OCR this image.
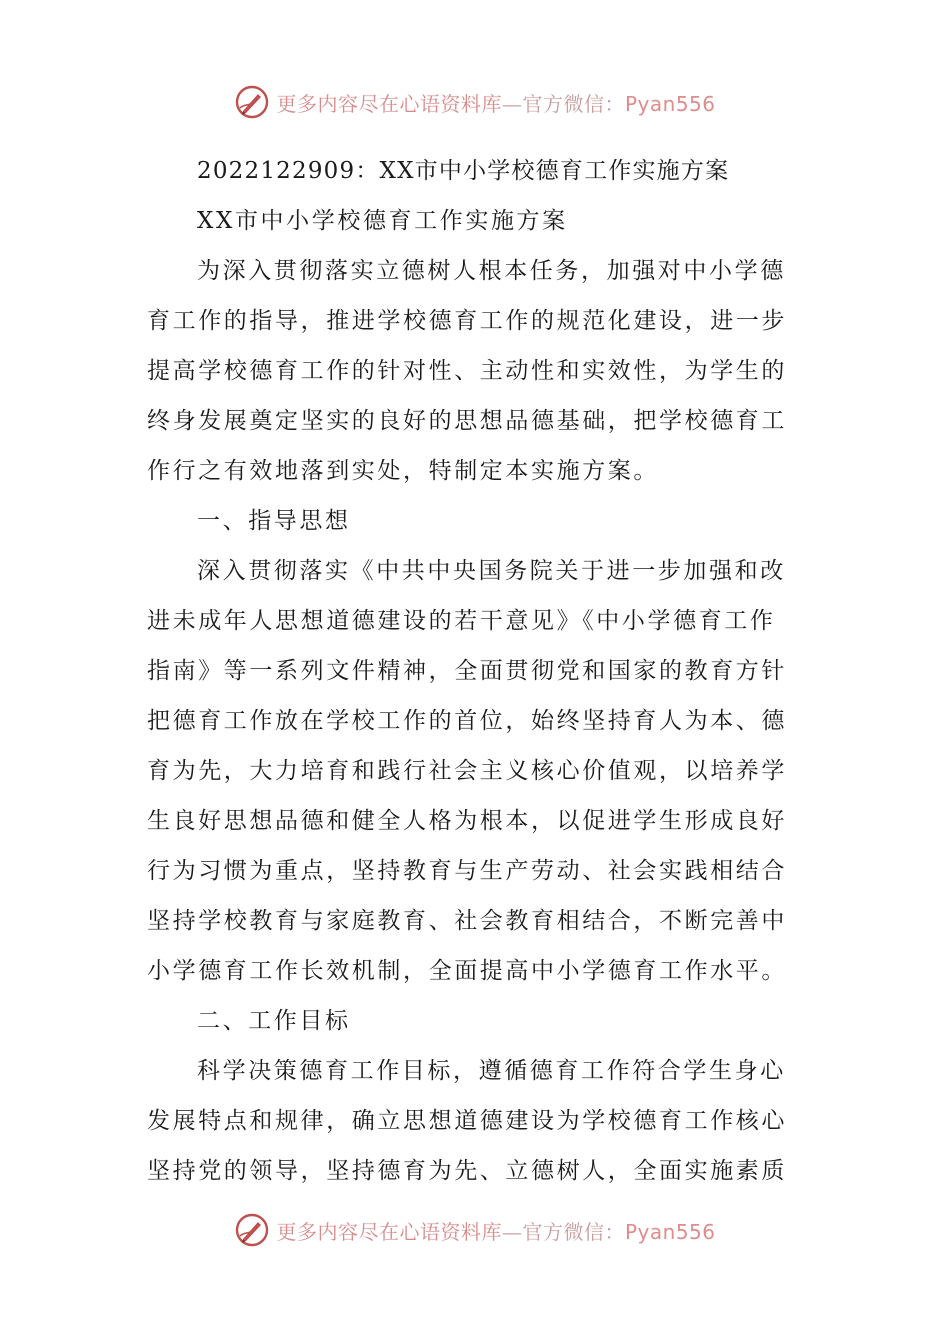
更多内容尽在心语资料库—官方微信：Pyan556
2022122909：XX市中小学校德育工作实施方案
XX市中小学校德育工作实施方案
为深入贯彻落实立德树人根本任务，加强对中小学德
育工作的指导，推进学校德育工作的规范化建设，进一步
提高学校德育工作的针对性、主动性和实效性，为学生的
终身发展奠定坚实的良好的思想品德基础，把学校德育工
作行之有效地落到实处，特制定本实施方案。
一、指导思想
深入贯彻落实《中共中央国务院关于进一步加强和改
进未成年人思想道德建设的若干意见》《中小学德育工作
指南》等一系列文件精神，全面贯彻党和国家的教育方针
把德育工作放在学校工作的首位，始终坚持育人为本、德
育为先，大力培育和践行社会主义核心价值观，以培养学
生良好思想品德和健全人格为根本，以促进学生形成良好
行为习惯为重点，坚持教育与生产劳动、社会实践相结合
坚持学校教育与家庭教育、社会教育相结合，不断完善中
小学德育工作长效机制，全面提高中小学德育工作水平。
二、工作目标
科学决策德育工作目标，遵循德育工作符合学生身心
发展特点和规律，确立思想道德建设为学校德育工作核心
坚持党的领导，坚持德育为先、立德树人，全面实施素质
更多内容尽在心语资料库—官方微信：Pyan556
